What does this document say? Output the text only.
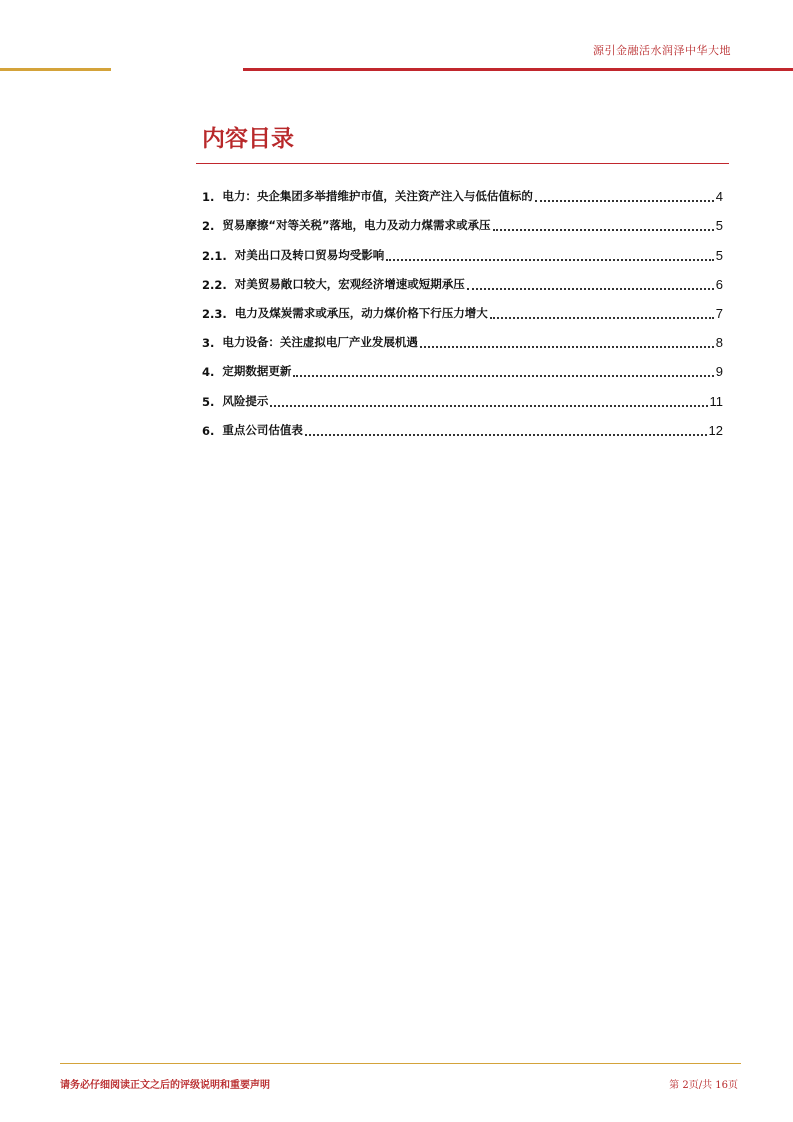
源引金融活水润泽中华大地
内容目录
1. 电力：央企集团多举措维护市值，关注资产注入与低估值标的	4
2. 贸易摩擦“对等关税”落地，电力及动力煤需求或承压	5
2.1. 对美出口及转口贸易均受影响	5
2.2. 对美贸易敞口较大，宏观经济增速或短期承压	6
2.3. 电力及煤炭需求或承压，动力煤价格下行压力增大	7
3. 电力设备：关注虚拟电厂产业发展机遇	8
4. 定期数据更新	9
5. 风险提示	11
6. 重点公司估值表	12
请务必仔细阅读正文之后的评级说明和重要声明	第 2页/共 16页
